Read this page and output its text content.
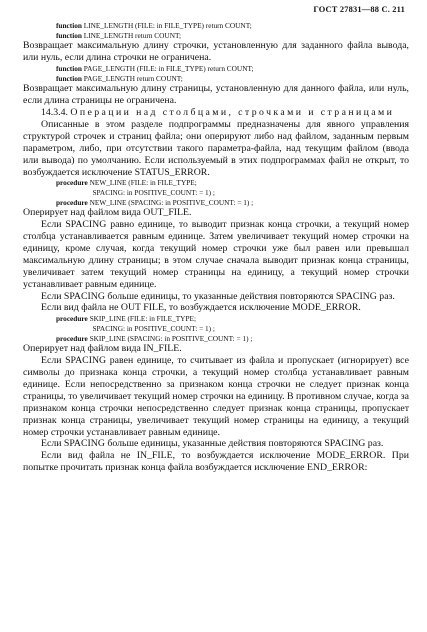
ГОСТ 27831—88 С. 211
function LINE_LENGTH (FILE: in FILE_TYPE) return COUNT;
function LINE_LENGTH return COUNT;

Возвращает максимальную длину строчки, установленную для заданного файла вывода, или нуль, если длина строчки не ограничена.

function PAGE_LENGTH (FILE: in FILE_TYPE) return COUNT;
function PAGE_LENGTH return COUNT;

Возвращает максимальную длину страницы, установленную для данного файла, или нуль, если длина страницы не ограничена.

14.3.4. Операции над столбцами, строчками и страницами

Описанные в этом разделе подпрограммы предназначены для явного управления структурой строчек и страниц файла; они оперируют либо над файлом, заданным первым параметром, либо, при отсутствии такого параметра-файла, над текущим файлом (ввода или вывода) по умолчанию. Если используемый в этих подпрограммах файл не открыт, то возбуждается исключение STATUS_ERROR.

procedure NEW_LINE (FILE: in FILE_TYPE;
SPACING: in POSITIVE_COUNT: = 1) ;
procedure NEW_LINE (SPACING: in POSITIVE_COUNT: = 1) ;

Оперирует над файлом вида OUT_FILE.

Если SPACING равно единице, то выводит признак конца строчки, а текущий номер столбца устанавливается равным единице. Затем увеличивает текущий номер строчки на единицу, кроме случая, когда текущий номер строчки уже был равен или превышал максимальную длину страницы; в этом случае сначала выводит признак конца страницы, увеличивает затем текущий номер страницы на единицу, а текущий номер строчки устанавливает равным единице.

Если SPACING больше единицы, то указанные действия повторяются SPACING раз.

Если вид файла не OUT FILE, то возбуждается исключение MODE_ERROR.

procedure SKIP_LINE (FILE: in FILE_TYPE;
SPACING: in POSITIVE_COUNT: = 1) ;
procedure SKIP_LINE (SPACING: in POSITIVE_COUNT: = 1) ;

Оперирует над файлом вида IN_FILE.

Если SPACING равен единице, то считывает из файла и пропускает (игнорирует) все символы до признака конца строчки, а текущий номер столбца устанавливает равным единице. Если непосредственно за признаком конца строчки не следует признак конца страницы, то увеличивает текущий номер строчки на единицу. В противном случае, когда за признаком конца строчки непосредственно следует признак конца страницы, пропускает признак конца страницы, увеличивает текущий номер страницы на единицу, а текущий номер строчки устанавливает равным единице.

Если SPACING больше единицы, указанные действия повторяются SPACING раз.

Если вид файла не IN_FILE, то возбуждается исключение MODE_ERROR. При попытке прочитать признак конца файла возбуждается исключение END_ERROR:
